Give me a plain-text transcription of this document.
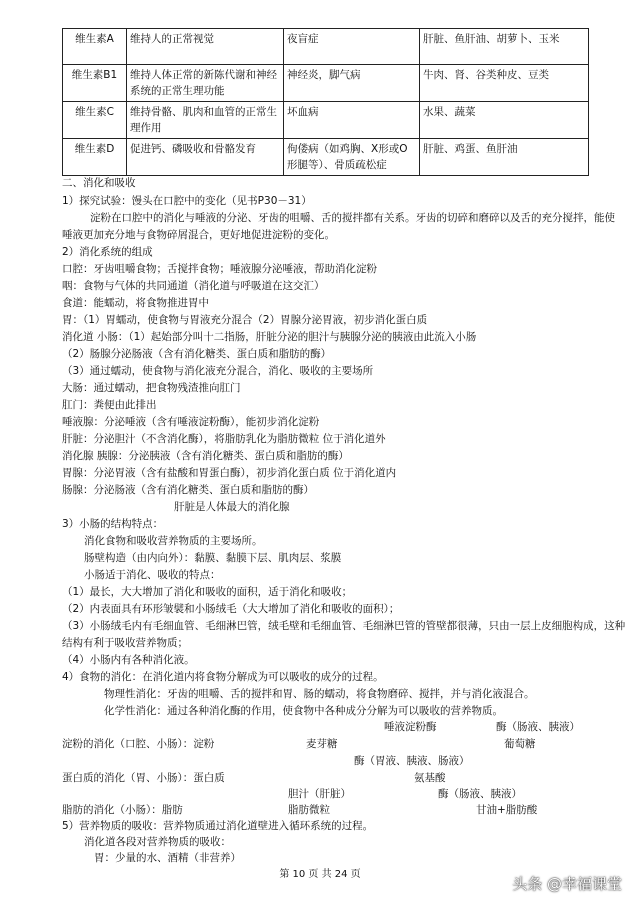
维生素A	维持人的正常视觉	夜盲症	肝脏、鱼肝油、胡萝卜、玉米
维生素B1	维持人体正常的新陈代谢和神经系统的正常生理功能	神经炎，脚气病	牛肉、肾、谷类种皮、豆类
维生素C	维持骨骼、肌肉和血管的正常生理作用	坏血病	水果、蔬菜
维生素D	促进钙、磷吸收和骨骼发育	佝偻病（如鸡胸、X形或O形腿等）、骨质疏松症	肝脏、鸡蛋、鱼肝油
二、消化和吸收
1）探究试验：馒头在口腔中的变化（见书P30－31）
淀粉在口腔中的消化与唾液的分泌、牙齿的咀嚼、舌的搅拌都有关系。牙齿的切碎和磨碎以及舌的充分搅拌，能使
唾液更加充分地与食物碎屑混合，更好地促进淀粉的变化。
2）消化系统的组成
口腔：牙齿咀嚼食物；舌搅拌食物；唾液腺分泌唾液，帮助消化淀粉
咽：食物与气体的共同通道（消化道与呼吸道在这交汇）
食道：能蠕动，将食物推进胃中
胃：（1）胃蠕动，使食物与胃液充分混合（2）胃腺分泌胃液，初步消化蛋白质
消化道 小肠：（1）起始部分叫十二指肠，肝脏分泌的胆汁与胰腺分泌的胰液由此流入小肠
（2）肠腺分泌肠液（含有消化糖类、蛋白质和脂肪的酶）
（3）通过蠕动，使食物与消化液充分混合，消化、吸收的主要场所
大肠：通过蠕动，把食物残渣推向肛门
肛门：粪便由此排出
唾液腺：分泌唾液（含有唾液淀粉酶），能初步消化淀粉
肝脏：分泌胆汁（不含消化酶），将脂肪乳化为脂肪微粒 位于消化道外
消化腺 胰腺：分泌胰液（含有消化糖类、蛋白质和脂肪的酶）
胃腺：分泌胃液（含有盐酸和胃蛋白酶），初步消化蛋白质 位于消化道内
肠腺：分泌肠液（含有消化糖类、蛋白质和脂肪的酶）
肝脏是人体最大的消化腺
3）小肠的结构特点：
消化食物和吸收营养物质的主要场所。
肠壁构造（由内向外）：黏膜、黏膜下层、肌肉层、浆膜
小肠适于消化、吸收的特点：
（1）最长，大大增加了消化和吸收的面积，适于消化和吸收；
（2）内表面具有环形皱襞和小肠绒毛（大大增加了消化和吸收的面积）；
（3）小肠绒毛内有毛细血管、毛细淋巴管，绒毛壁和毛细血管、毛细淋巴管的管壁都很薄，只由一层上皮细胞构成，这种
结构有利于吸收营养物质；
（4）小肠内有各种消化液。
4）食物的消化：在消化道内将食物分解成为可以吸收的成分的过程。
物理性消化：牙齿的咀嚼、舌的搅拌和胃、肠的蠕动，将食物磨碎、搅拌，并与消化液混合。
化学性消化：通过各种消化酶的作用，使食物中各种成分分解为可以吸收的营养物质。
唾液淀粉酶	酶（肠液、胰液）
淀粉的消化（口腔、小肠）：淀粉	麦芽糖	葡萄糖
酶（胃液、胰液、肠液）
蛋白质的消化（胃、小肠）：蛋白质	氨基酸
胆汁（肝脏）	酶（肠液、胰液）
脂肪的消化（小肠）：脂肪	脂肪微粒	甘油+脂肪酸
5）营养物质的吸收：营养物质通过消化道壁进入循环系统的过程。
消化道各段对营养物质的吸收：
胃：少量的水、酒精（非营养）
第 10 页 共 24 页
头条 @幸福课堂
